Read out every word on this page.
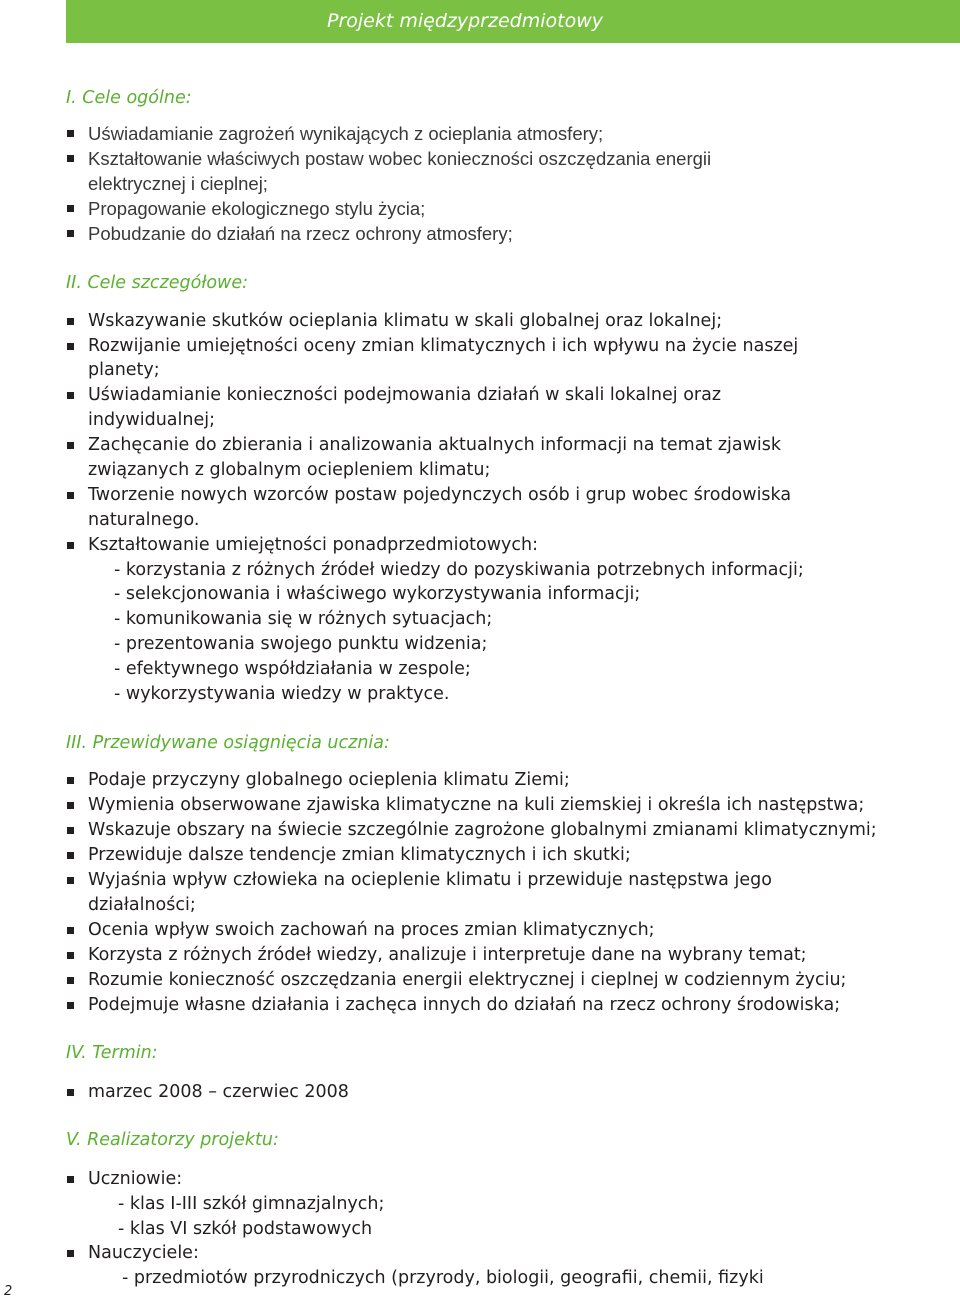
Projekt międzyprzedmiotowy
I. Cele ogólne:
Uświadamianie zagrożeń wynikających z ocieplania atmosfery;
Kształtowanie właściwych postaw wobec konieczności oszczędzania energii
elektrycznej i cieplnej;
Propagowanie ekologicznego stylu życia;
Pobudzanie do działań na rzecz ochrony atmosfery;
II. Cele szczegółowe:
Wskazywanie skutków ocieplania klimatu w skali globalnej oraz lokalnej;
Rozwijanie umiejętności oceny zmian klimatycznych i ich wpływu na życie naszej
planety;
Uświadamianie konieczności podejmowania działań w skali lokalnej oraz
indywidualnej;
Zachęcanie do zbierania i analizowania aktualnych informacji na temat zjawisk
związanych z globalnym ociepleniem klimatu;
Tworzenie nowych wzorców postaw pojedynczych osób i grup wobec środowiska
naturalnego.
Kształtowanie umiejętności ponadprzedmiotowych:
- korzystania z różnych źródeł wiedzy do pozyskiwania potrzebnych informacji;
- selekcjonowania i właściwego wykorzystywania informacji;
- komunikowania się w różnych sytuacjach;
- prezentowania swojego punktu widzenia;
- efektywnego współdziałania w zespole;
- wykorzystywania wiedzy w praktyce.
III. Przewidywane osiągnięcia ucznia:
Podaje przyczyny globalnego ocieplenia klimatu Ziemi;
Wymienia obserwowane zjawiska klimatyczne na kuli ziemskiej i określa ich następstwa;
Wskazuje obszary na świecie szczególnie zagrożone globalnymi zmianami klimatycznymi;
Przewiduje dalsze tendencje zmian klimatycznych i ich skutki;
Wyjaśnia wpływ człowieka na ocieplenie klimatu i przewiduje następstwa jego
działalności;
Ocenia wpływ swoich zachowań na proces zmian klimatycznych;
Korzysta z różnych źródeł wiedzy, analizuje i interpretuje dane na wybrany temat;
Rozumie konieczność oszczędzania energii elektrycznej i cieplnej w codziennym życiu;
Podejmuje własne działania i zachęca innych do działań na rzecz ochrony środowiska;
IV. Termin:
marzec 2008 – czerwiec 2008
V. Realizatorzy projektu:
Uczniowie:
- klas I-III szkół gimnazjalnych;
- klas VI szkół podstawowych
Nauczyciele:
- przedmiotów przyrodniczych (przyrody, biologii, geografii, chemii, fizyki
2
